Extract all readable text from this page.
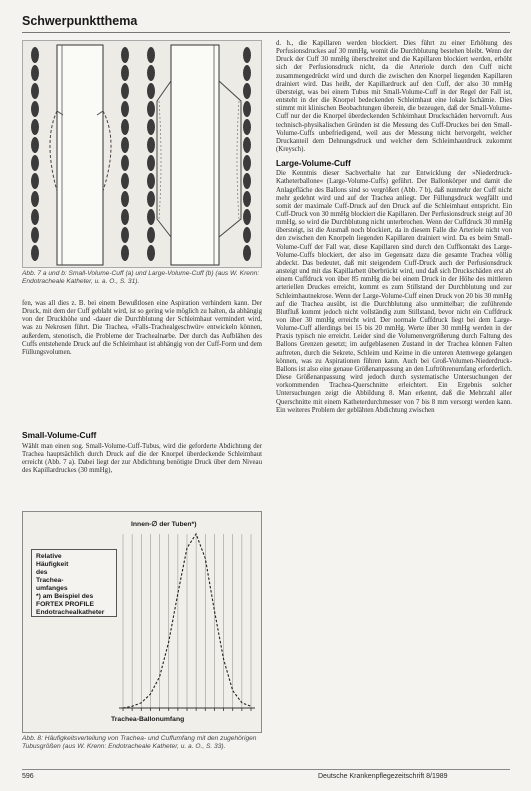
Schwerpunktthema
Abb. 7 a und b: Small-Volume-Cuff (a) und Large-Volume-Cuff (b) (aus W. Krenn: Endotracheale Katheter, u. a. O., S. 31).

fen, was all dies z. B. bei einem Bewußtlosen eine Aspiration verhindern kann. Der Druck, mit dem der Cuff geblaht wird, ist so gering wie möglich zu halten, da abhängig von der Druckhöhe und -dauer die Durchblutung der Schleimhaut vermindert wird, was zu Nekrosen führt. Die Trachea, »Falls-Trachealgeschwür« entwickeln können, außerdem, stenotisch, die Probleme der Trachealnarbe. Der durch das Aufblähen des Cuffs entstehende Druck auf die Schleimhaut ist abhängig von der Cuff-Form und dem Füllungsvolumen.

Small-Volume-Cuff

Wählt man einen sog. Small-Volume-Cuff-Tubus, wird die geforderte Abdichtung der Trachea hauptsächlich durch Druck auf die der Knorpel überdeckende Schleimhaut erreicht (Abb. 7 a). Dabei liegt der zur Abdichtung benötigte Druck über dem Niveau des Kapillardruckes (30 mmHg),

Relative
Häufigkeit
des
Trachea-
umfanges
*) am Beispiel des
FORTEX PROFILE
Endotrachealkatheter
Innen-∅ der Tuben*)
Trachea-Ballonumfang
Abb. 8: Häufigkeitsverteilung von Trachea- und Cuffumfang mit den zugehörigen Tubusgrößen (aus W. Krenn: Endotracheale Katheter, u. a. O., S. 33).

d. h., die Kapillaren werden blockiert. Dies führt zu einer Erhöhung des Perfusionsdruckes auf 30 mmHg, womit die Durchblutung bestehen bleibt. Wenn der Druck der Cuff 30 mmHg überschreitet und die Kapillaren blockiert werden, erhöht sich der Perfusionsdruck nicht, da die Arteriole durch den Cuff nicht zusammengedrückt wird und durch die zwischen den Knorpel liegenden Kapillaren drainiert wird. Das heißt, der Kapillardruck auf den Cuff, der also 30 mmHg übersteigt, was bei einem Tubus mit Small-Volume-Cuff in der Regel der Fall ist, entsteht in der die Knorpel bedeckenden Schleimhaut eine lokale Ischämie. Dies stimmt mit klinischen Beobachtungen überein, die bezeugen, daß der Small-Volume-Cuff nur der die Knorpel überdeckenden Schleimhaut Druckschäden hervorruft. Aus technisch-physikalischen Gründen ist die Messung des Cuff-Druckes bei den Small-Volume-Cuffs unbefriedigend, weil aus der Messung nicht hervorgeht, welcher Druckanteil dem Dehnungsdruck und welcher dem Schleimhautdruck zukommt (Kreysch).

Large-Volume-Cuff

Die Kenntnis dieser Sachverhalte hat zur Entwicklung der »Niederdruck-Katheterballone« (Large-Volume-Cuffs) geführt. Der Ballonkörper und damit die Anlagefläche des Ballons sind so vergrößert (Abb. 7 b), daß nunmehr der Cuff nicht mehr gedehnt wird und auf der Trachea anliegt. Der Füllungsdruck wegfällt und somit der maximale Cuff-Druck auf den Druck auf die Schleimhaut entspricht. Ein Cuff-Druck von 30 mmHg blockiert die Kapillaren. Der Perfusionsdruck steigt auf 30 mmHg, so wird die Durchblutung nicht unterbrochen. Wenn der Cuffdruck 30 mmHg übersteigt, ist die Ausmaß noch blockiert, da in diesem Falle die Arteriole nicht von den zwischen den Knorpeln liegenden Kapillaren drainiert wird. Da es beim Small-Volume-Cuff der Fall war, diese Kapillaren sind durch den Cuffkontakt des Large-Volume-Cuffs blockiert, der also im Gegensatz dazu die gesamte Trachea völlig abdeckt. Das bedeutet, daß mit steigendem Cuff-Druck auch der Perfusionsdruck ansteigt und mit das Kapillarbett überbrückt wird, und daß sich Druckschäden erst ab einem Cuffdruck von über 85 mmHg die bei einem Druck in der Höhe des mittleren arteriellen Druckes erreicht, kommt es zum Stillstand der Durchblutung und zur Schleimhautnekrose. Wenn der Large-Volume-Cuff einen Druck von 20 bis 30 mmHg auf die Trachea ausübt, ist die Durchblutung also unmittelbar; die zuführende Blutfluß kommt jedoch nicht vollständig zum Stillstand, bevor nicht ein Cuffdruck von über 30 mmHg erreicht wird. Der normale Cuffdruck liegt bei dem Large-Volume-Cuff allerdings bei 15 bis 20 mmHg. Werte über 30 mmHg werden in der Praxis typisch nie erreicht. Leider sind die Volumenvergrößerung durch Faltung des Ballons Grenzen gesetzt; im aufgeblasenen Zustand in der Trachea können Falten auftreten, durch die Sekrete, Schleim und Keime in die unteren Atemwege gelangen können, was zu Aspirationen führen kann. Auch bei Groß-Volumen-Niederdruck-Ballons ist also eine genaue Größenanpassung an den Luftröhrenumfang erforderlich. Diese Größenanpassung wird jedoch durch systematische Untersuchungen der vorkommenden Trachea-Querschnitte erleichtert. Ein Ergebnis solcher Untersuchungen zeigt die Abbildung 8. Man erkennt, daß die Mehrzahl aller Querschnitte mit einem Katheterdurchmesser von 7 bis 8 mm versorgt werden kann. Ein weiteres Problem der geblähten Abdichtung zwischen

596	Deutsche Krankenpflegezeitschrift 8/1989
